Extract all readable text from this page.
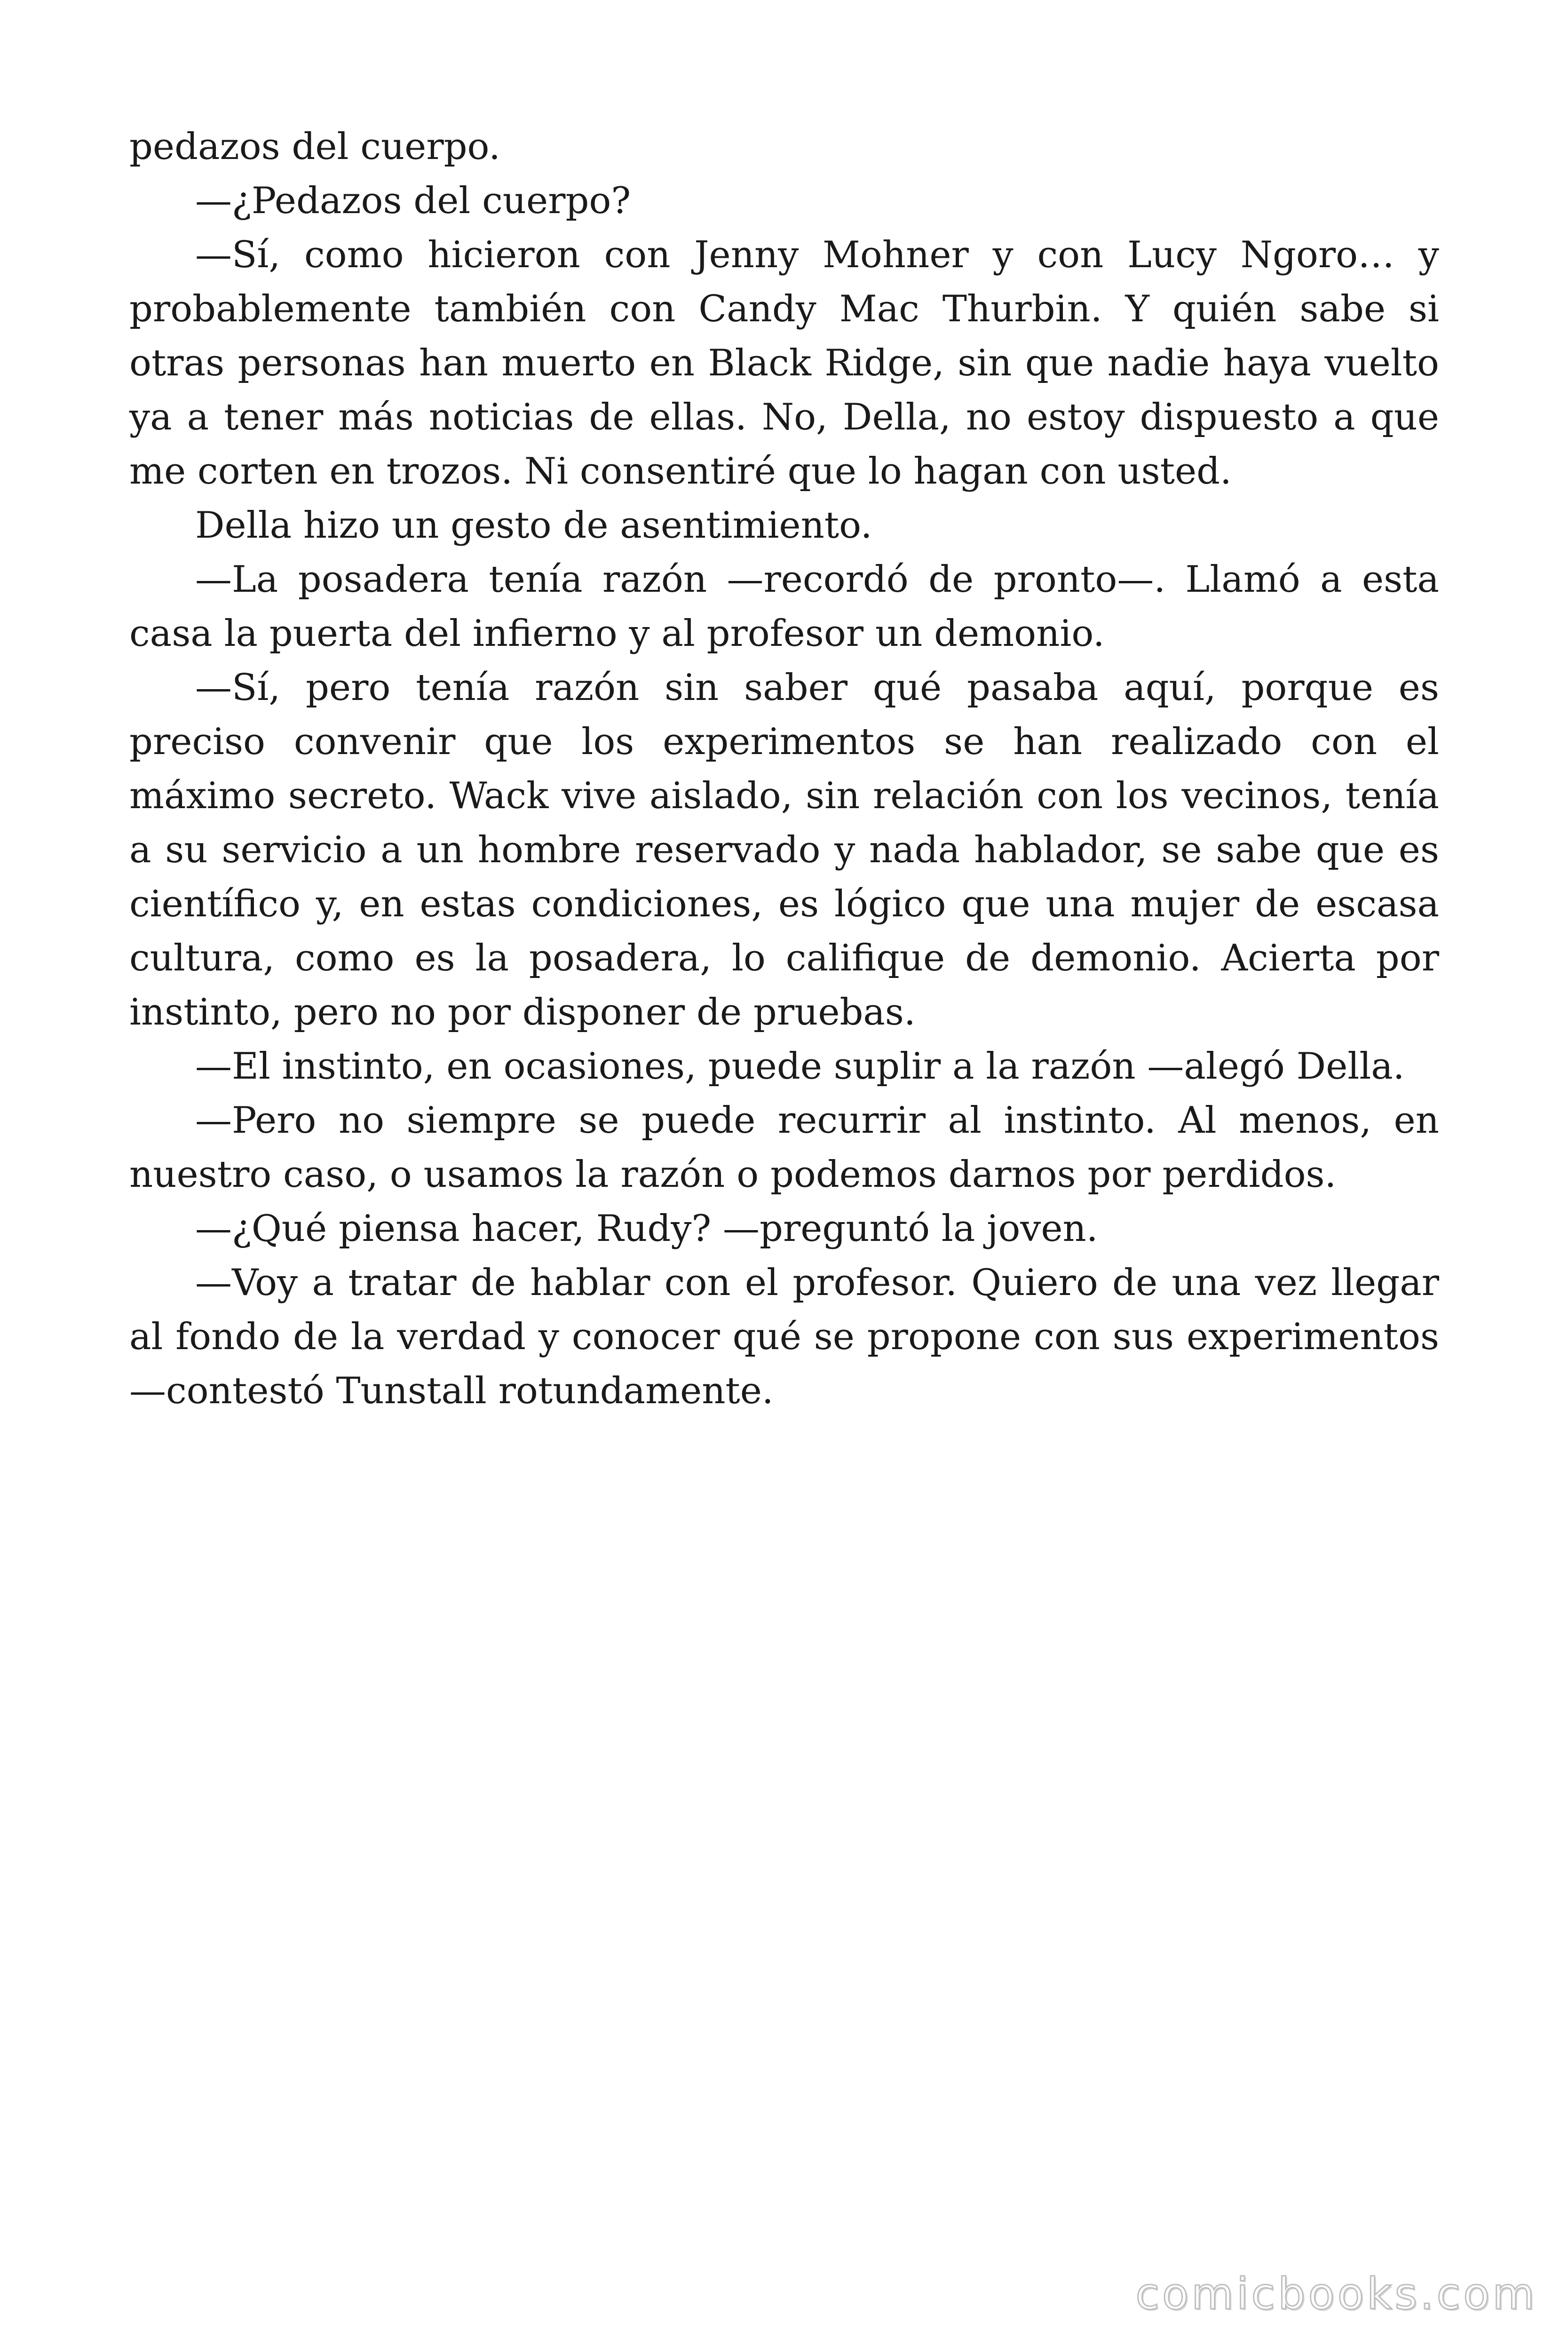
pedazos del cuerpo.

—¿Pedazos del cuerpo?

—Sí, como hicieron con Jenny Mohner y con Lucy Ngoro… y probablemente también con Candy Mac Thurbin. Y quién sabe si otras personas han muerto en Black Ridge, sin que nadie haya vuelto ya a tener más noticias de ellas. No, Della, no estoy dispuesto a que me corten en trozos. Ni consentiré que lo hagan con usted.

Della hizo un gesto de asentimiento.

—La posadera tenía razón —recordó de pronto—. Llamó a esta casa la puerta del infierno y al profesor un demonio.

—Sí, pero tenía razón sin saber qué pasaba aquí, porque es preciso convenir que los experimentos se han realizado con el máximo secreto. Wack vive aislado, sin relación con los vecinos, tenía a su servicio a un hombre reservado y nada hablador, se sabe que es científico y, en estas condiciones, es lógico que una mujer de escasa cultura, como es la posadera, lo califique de demonio. Acierta por instinto, pero no por disponer de pruebas.

—El instinto, en ocasiones, puede suplir a la razón —alegó Della.

—Pero no siempre se puede recurrir al instinto. Al menos, en nuestro caso, o usamos la razón o podemos darnos por perdidos.

—¿Qué piensa hacer, Rudy? —preguntó la joven.

—Voy a tratar de hablar con el profesor. Quiero de una vez llegar al fondo de la verdad y conocer qué se propone con sus experimentos —contestó Tunstall rotundamente.

comicbooks.com
